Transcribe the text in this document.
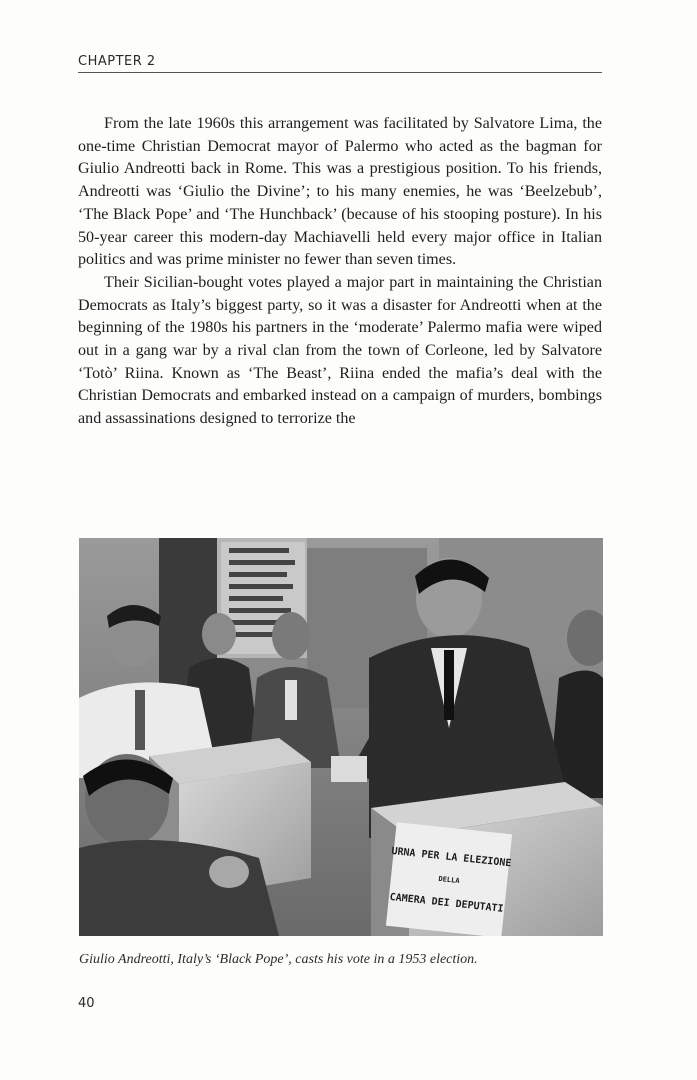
CHAPTER 2

From the late 1960s this arrangement was facilitated by Salvatore Lima, the one-time Christian Democrat mayor of Palermo who acted as the bagman for Giulio Andreotti back in Rome. This was a prestigious position. To his friends, Andreotti was ‘Giulio the Divine’; to his many enemies, he was ‘Beelzebub’, ‘The Black Pope’ and ‘The Hunchback’ (because of his stooping posture). In his 50-year career this modern-day Machiavelli held every major office in Italian politics and was prime minister no fewer than seven times.

Their Sicilian-bought votes played a major part in maintaining the Christian Democrats as Italy’s biggest party, so it was a disaster for Andreotti when at the beginning of the 1980s his partners in the ‘moderate’ Palermo mafia were wiped out in a gang war by a rival clan from the town of Corleone, led by Salvatore ‘Totò’ Riina. Known as ‘The Beast’, Riina ended the mafia’s deal with the Christian Democrats and embarked instead on a campaign of murders, bombings and assassinations designed to terrorize the

URNA PER LA ELEZIONE
DELLA
CAMERA DEI DEPUTATI
Giulio Andreotti, Italy’s ‘Black Pope’, casts his vote in a 1953 election.
40
